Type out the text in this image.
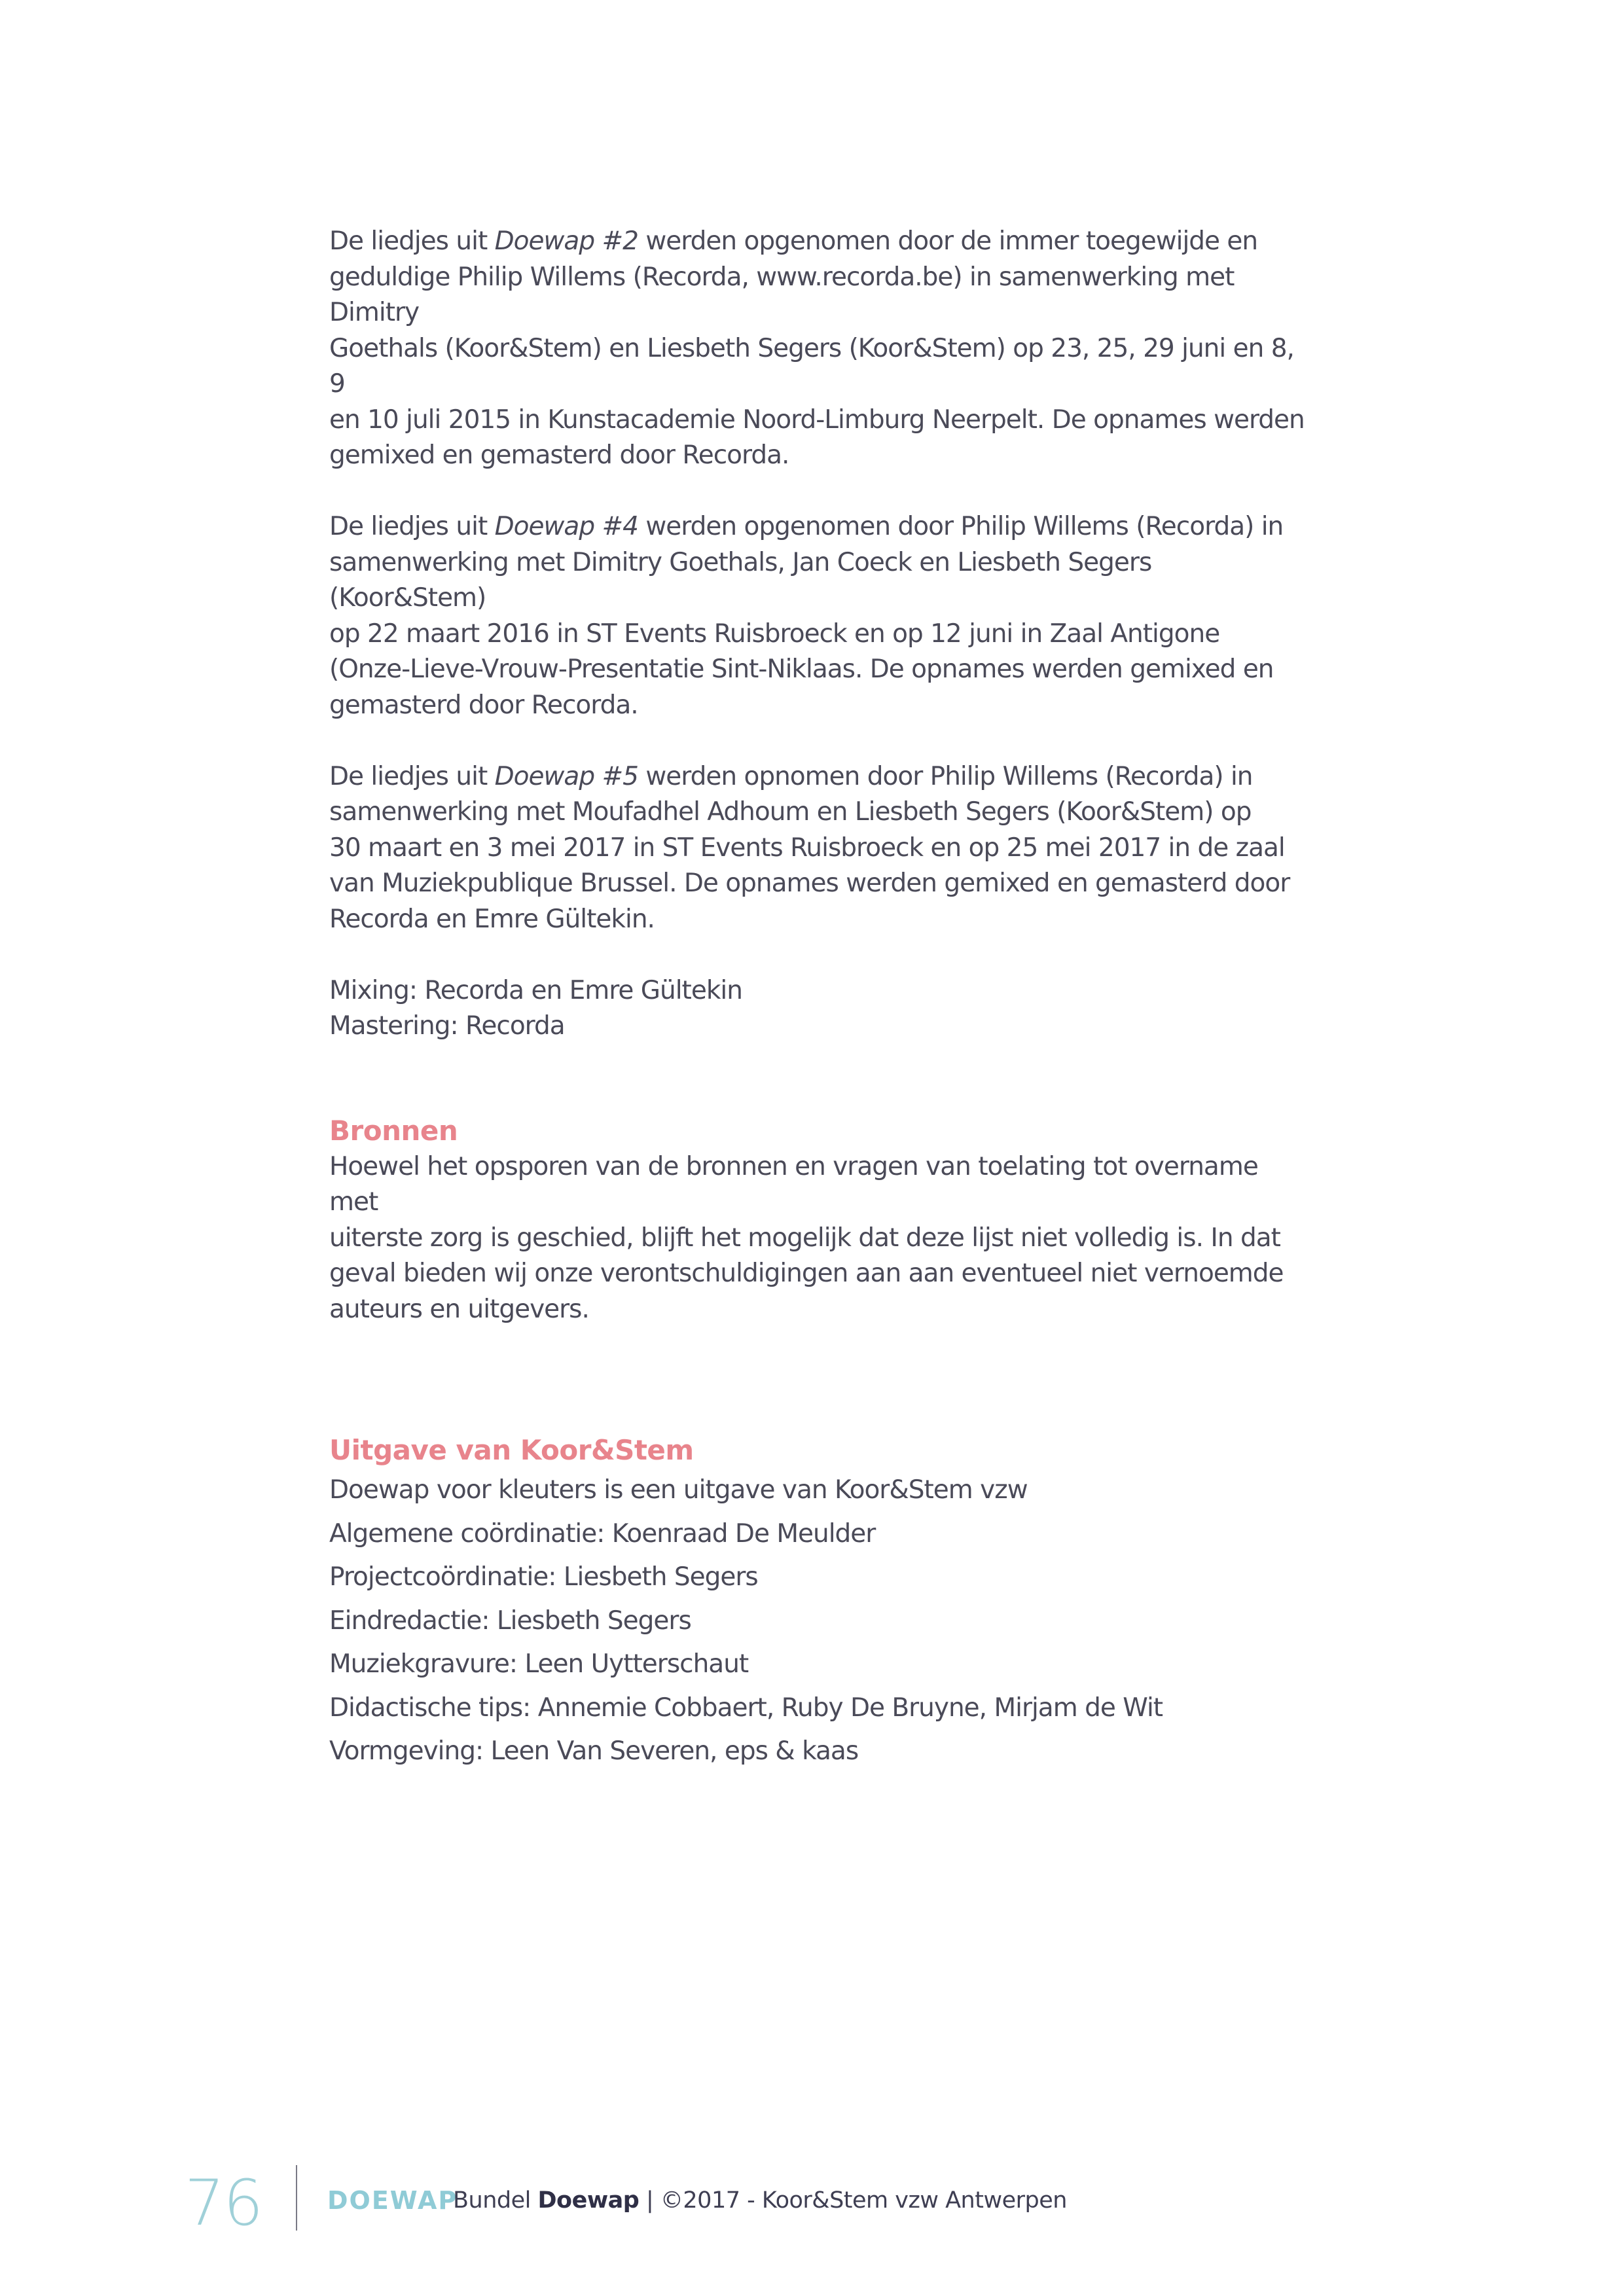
De liedjes uit Doewap #2 werden opgenomen door de immer toegewijde en

geduldige Philip Willems (Recorda, www.recorda.be) in samenwerking met Dimitry

Goethals (Koor&Stem) en Liesbeth Segers (Koor&Stem) op 23, 25, 29 juni en 8, 9

en 10 juli 2015 in Kunstacademie Noord-Limburg Neerpelt. De opnames werden

gemixed en gemasterd door Recorda.

De liedjes uit Doewap #4 werden opgenomen door Philip Willems (Recorda) in

samenwerking met Dimitry Goethals, Jan Coeck en Liesbeth Segers (Koor&Stem)

op 22 maart 2016 in ST Events Ruisbroeck en op 12 juni in Zaal Antigone

(Onze-Lieve-Vrouw-Presentatie Sint-Niklaas. De opnames werden gemixed en

gemasterd door Recorda.

De liedjes uit Doewap #5 werden opnomen door Philip Willems (Recorda) in

samenwerking met Moufadhel Adhoum en Liesbeth Segers (Koor&Stem) op

30 maart en 3 mei 2017 in ST Events Ruisbroeck en op 25 mei 2017 in de zaal

van Muziekpublique Brussel. De opnames werden gemixed en gemasterd door

Recorda en Emre Gültekin.

Mixing: Recorda en Emre Gültekin

Mastering: Recorda

Bronnen

Hoewel het opsporen van de bronnen en vragen van toelating tot overname met

uiterste zorg is geschied, blijft het mogelijk dat deze lijst niet volledig is. In dat

geval bieden wij onze verontschuldigingen aan aan eventueel niet vernoemde

auteurs en uitgevers.

Uitgave van Koor&Stem
Doewap voor kleuters is een uitgave van Koor&Stem vzw
Algemene coördinatie: Koenraad De Meulder
Projectcoördinatie: Liesbeth Segers
Eindredactie: Liesbeth Segers
Muziekgravure: Leen Uytterschaut
Didactische tips: Annemie Cobbaert, Ruby De Bruyne, Mirjam de Wit
Vormgeving: Leen Van Severen, eps & kaas
76	DOEWAP
Bundel Doewap | ©2017 - Koor&Stem vzw Antwerpen
